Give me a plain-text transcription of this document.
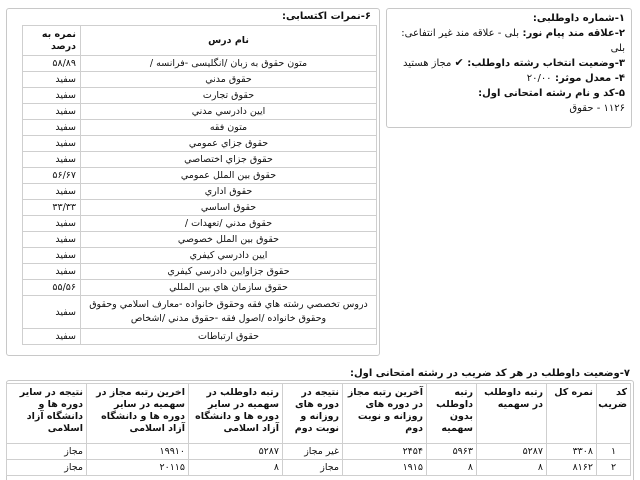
۱-شماره داوطلبی:
۲-علاقه مند پیام نور: بلی - علاقه مند غیر انتفاعی:
بلی
۳-وضعیت انتخاب رشته داوطلب: ✔ مجاز هستید
۴- معدل موثر: ۲۰/۰۰
۵-کد و نام رشته امتحانی اول:
۱۱۲۶ - حقوق
۶-نمرات اکتسابی:
نام درس	نمره به درصد
متون حقوق به زبان /انگلیسی -فرانسه /	۵۸/۸۹
حقوق مدني	سفيد
حقوق تجارت	سفيد
ايين دادرسي مدني	سفيد
متون فقه	سفيد
حقوق جزاي عمومي	سفيد
حقوق جزاي اختصاصي	سفيد
حقوق بين الملل عمومي	۵۶/۶۷
حقوق اداري	سفيد
حقوق اساسي	۳۳/۳۳
حقوق مدني /تعهدات /	سفيد
حقوق بين الملل خصوصي	سفيد
ايين دادرسي كيفري	سفيد
حقوق جزاوايين دادرسي كيفري	سفيد
حقوق سازمان هاي بين المللي	۵۵/۵۶
دروس تخصصي رشته هاي فقه وحقوق خانواده -معارف اسلامي وحقوق وحقوق خانواده /اصول فقه -حقوق مدني /اشخاص	سفيد
حقوق ارتباطات	سفيد
۷-وضعیت داوطلب در هر کد ضریب در رشته امتحانی اول:
کد ضریب	نمره کل	رتبه داوطلب در سهمیه	رتبه داوطلب بدون سهمیه	آخرین رتبه مجاز در دوره های روزانه و نوبت دوم	نتیجه در دوره های روزانه و نوبت دوم	رتبه داوطلب در سهمیه در سایر دوره ها و دانشگاه آزاد اسلامی	اخرین رتبه مجاز در سهمیه در سایر دوره ها و دانشگاه آزاد اسلامی	نتیجه در سایر دوره ها و دانشگاه آزاد اسلامی
۱	۳۳۰۸	۵۲۸۷	۵۹۶۳	۲۴۵۴	غیر مجاز	۵۲۸۷	۱۹۹۱۰	مجاز
۲	۸۱۶۲	۸	۸	۱۹۱۵	مجاز	۸	۲۰۱۱۵	مجاز
